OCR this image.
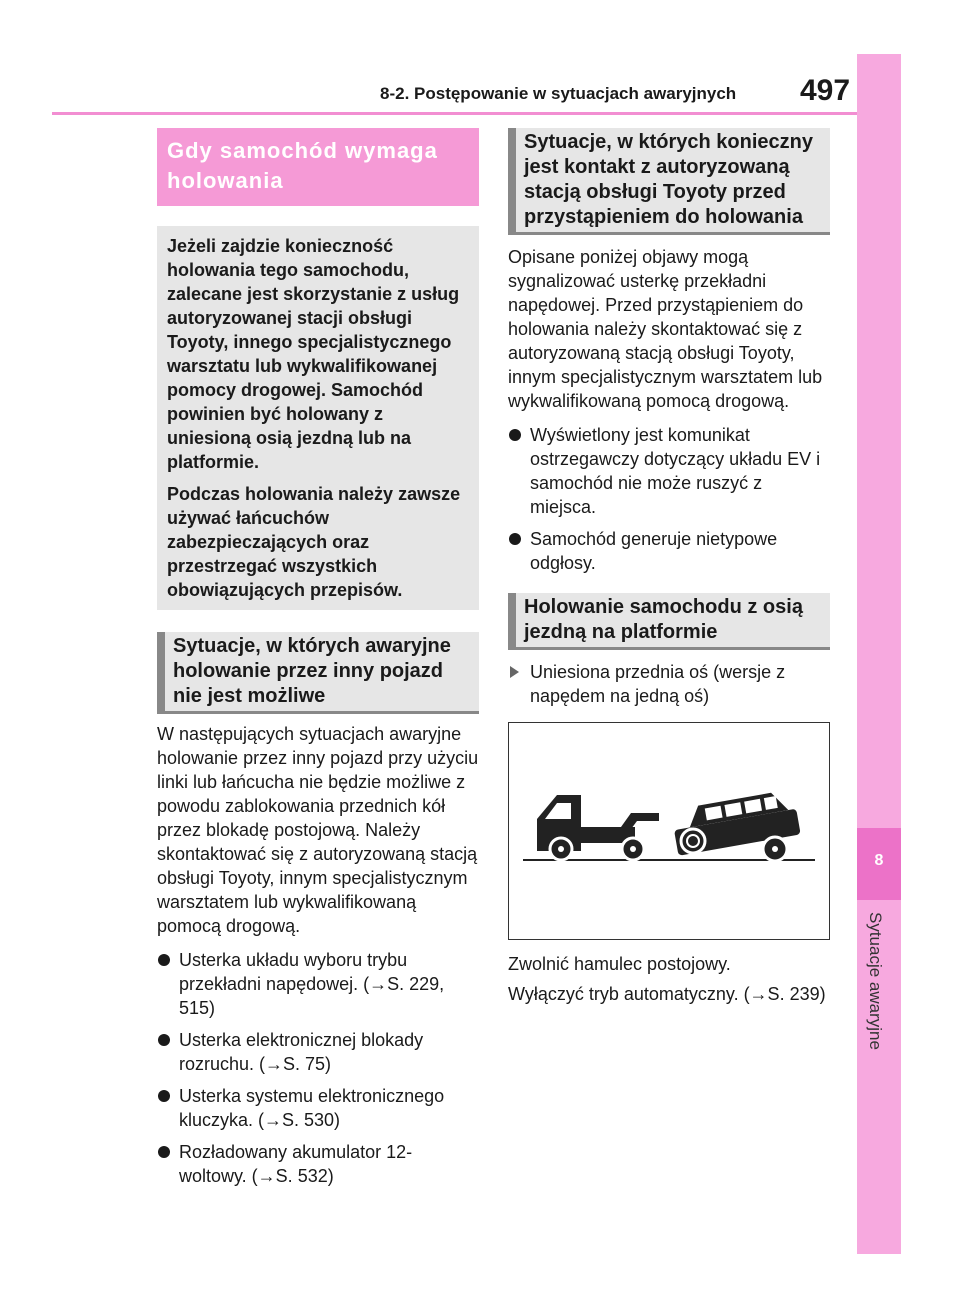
8-2. Postępowanie w sytuacjach awaryjnych 497
8
Sytuacje awaryjne
Gdy samochód wymaga holowania

Jeżeli zajdzie konieczność holowania tego samochodu, zalecane jest skorzystanie z usług autoryzowanej stacji obsługi Toyoty, innego specjalistycznego warsztatu lub wykwalifikowanej pomocy drogowej. Samochód powinien być holowany z uniesioną osią jezdną lub na platformie.

Podczas holowania należy zawsze używać łańcuchów zabezpieczających oraz przestrzegać wszystkich obowiązujących przepisów.

Sytuacje, w których awaryjne holowanie przez inny pojazd nie jest możliwe

W następujących sytuacjach awaryjne holowanie przez inny pojazd przy użyciu linki lub łańcucha nie będzie możliwe z powodu zablokowania przednich kół przez blokadę postojową. Należy skontaktować się z autoryzowaną stacją obsługi Toyoty, innym specjalistycznym warsztatem lub wykwalifikowaną pomocą drogową.

Usterka układu wyboru trybu przekładni napędowej. (→S. 229, 515)
Usterka elektronicznej blokady rozruchu. (→S. 75)
Usterka systemu elektronicznego kluczyka. (→S. 530)
Rozładowany akumulator 12-woltowy. (→S. 532)
Sytuacje, w których konieczny jest kontakt z autoryzowaną stacją obsługi Toyoty przed przystąpieniem do holowania

Opisane poniżej objawy mogą sygnalizować usterkę przekładni napędowej. Przed przystąpieniem do holowania należy skontaktować się z autoryzowaną stacją obsługi Toyoty, innym specjalistycznym warsztatem lub wykwalifikowaną pomocą drogową.

Wyświetlony jest komunikat ostrzegawczy dotyczący układu EV i samochód nie może ruszyć z miejsca.
Samochód generuje nietypowe odgłosy.
Holowanie samochodu z osią jezdną na platformie
Uniesiona przednia oś (wersje z napędem na jedną oś)

Zwolnić hamulec postojowy.

Wyłączyć tryb automatyczny. (→S. 239)
